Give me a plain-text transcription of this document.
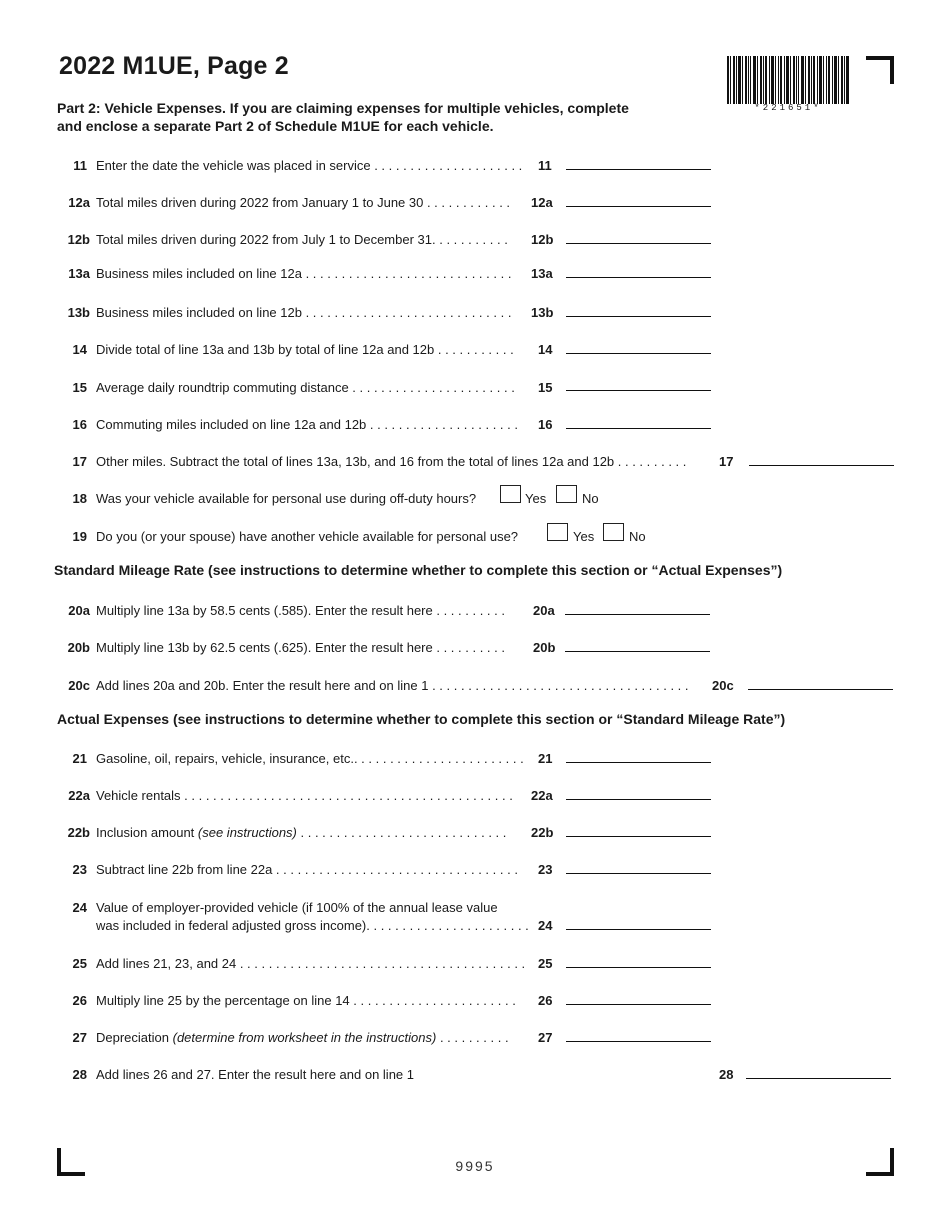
2022 M1UE, Page 2
Part 2: Vehicle Expenses. If you are claiming expenses for multiple vehicles, complete and enclose a separate Part 2 of Schedule M1UE for each vehicle.
*221651*
11 Enter the date the vehicle was placed in service . . . . . . . . . . . . . . . . . . . . .	11
12a Total miles driven during 2022 from January 1 to June 30 . . . . . . . . . . . .	12a
12b Total miles driven during 2022 from July 1 to December 31. . . . . . . . . . .	12b
13a Business miles included on line 12a . . . . . . . . . . . . . . . . . . . . . . . . . . . . .	13a
13b Business miles included on line 12b . . . . . . . . . . . . . . . . . . . . . . . . . . . . .	13b
14 Divide total of line 13a and 13b by total of line 12a and 12b . . . . . . . . . . .	14
15 Average daily roundtrip commuting distance . . . . . . . . . . . . . . . . . . . . . . .	15
16 Commuting miles included on line 12a and 12b . . . . . . . . . . . . . . . . . . . . .	16
17 Other miles. Subtract the total of lines 13a, 13b, and 16 from the total of lines 12a and 12b . . . . . . . . . .	17
18 Was your vehicle available for personal use during off-duty hours?	Yes	No
19 Do you (or your spouse) have another vehicle available for personal use?	Yes	No
Standard Mileage Rate (see instructions to determine whether to complete this section or “Actual Expenses”)
20a Multiply line 13a by 58.5 cents (.585). Enter the result here . . . . . . . . . .	20a
20b Multiply line 13b by 62.5 cents (.625). Enter the result here . . . . . . . . . .	20b
20c Add lines 20a and 20b. Enter the result here and on line 1 . . . . . . . . . . . . . . . . . . . . . . . . . . . . . . . . . . . .	20c
Actual Expenses (see instructions to determine whether to complete this section or “Standard Mileage Rate”)
21 Gasoline, oil, repairs, vehicle, insurance, etc.. . . . . . . . . . . . . . . . . . . . . . . .	21
22a Vehicle rentals . . . . . . . . . . . . . . . . . . . . . . . . . . . . . . . . . . . . . . . . . . . . . .	22a
22b Inclusion amount (see instructions) . . . . . . . . . . . . . . . . . . . . . . . . . . . . .	22b
23 Subtract line 22b from line 22a . . . . . . . . . . . . . . . . . . . . . . . . . . . . . . . . . .	23
24 Value of employer-provided vehicle (if 100% of the annual lease value
was included in federal adjusted gross income). . . . . . . . . . . . . . . . . . . . . . . 24
25 Add lines 21, 23, and 24 . . . . . . . . . . . . . . . . . . . . . . . . . . . . . . . . . . . . . . . . 25
26 Multiply line 25 by the percentage on line 14 . . . . . . . . . . . . . . . . . . . . . . .	26
27 Depreciation (determine from worksheet in the instructions) . . . . . . . . . .	27
28 Add lines 26 and 27. Enter the result here and on line 1	28
9995
